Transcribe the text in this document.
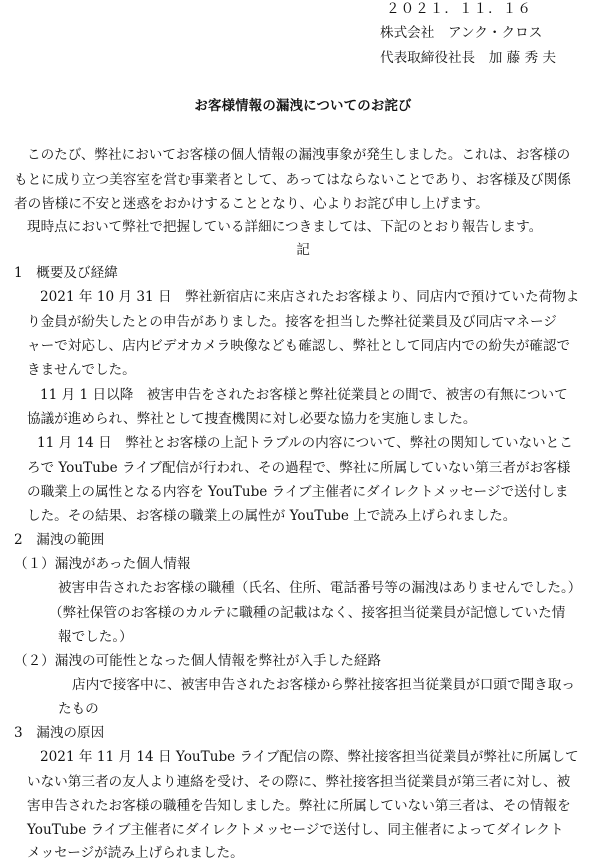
２０２１．１１．１６
株式会社　アンク・クロス
代表取締役社長　加 藤 秀 夫
お客様情報の漏洩についてのお詫び
このたび、弊社においてお客様の個人情報の漏洩事象が発生しました。これは、お客様の
もとに成り立つ美容室を営む事業者として、あってはならないことであり、お客様及び関係
者の皆様に不安と迷惑をおかけすることとなり、心よりお詫び申し上げます。
現時点において弊社で把握している詳細につきましては、下記のとおり報告します。
記
1　概要及び経緯
2021 年 10 月 31 日　弊社新宿店に来店されたお客様より、同店内で預けていた荷物よ
り金員が紛失したとの申告がありました。接客を担当した弊社従業員及び同店マネージ
ャーで対応し、店内ビデオカメラ映像なども確認し、弊社として同店内での紛失が確認で
きませんでした。
11 月 1 日以降　被害申告をされたお客様と弊社従業員との間で、被害の有無について
協議が進められ、弊社として捜査機関に対し必要な協力を実施しました。
11 月 14 日　弊社とお客様の上記トラブルの内容について、弊社の関知していないとこ
ろで YouTube ライブ配信が行われ、その過程で、弊社に所属していない第三者がお客様
の職業上の属性となる内容を YouTube ライブ主催者にダイレクトメッセージで送付しま
した。その結果、お客様の職業上の属性が YouTube 上で読み上げられました。
2　漏洩の範囲
（１）漏洩があった個人情報
被害申告されたお客様の職種（氏名、住所、電話番号等の漏洩はありませんでした。）
（弊社保管のお客様のカルテに職種の記載はなく、接客担当従業員が記憶していた情
報でした。）
（２）漏洩の可能性となった個人情報を弊社が入手した経路
店内で接客中に、被害申告されたお客様から弊社接客担当従業員が口頭で聞き取っ
たもの
3　漏洩の原因
2021 年 11 月 14 日 YouTube ライブ配信の際、弊社接客担当従業員が弊社に所属して
いない第三者の友人より連絡を受け、その際に、弊社接客担当従業員が第三者に対し、被
害申告されたお客様の職種を告知しました。弊社に所属していない第三者は、その情報を
YouTube ライブ主催者にダイレクトメッセージで送付し、同主催者によってダイレクト
メッセージが読み上げられました。
